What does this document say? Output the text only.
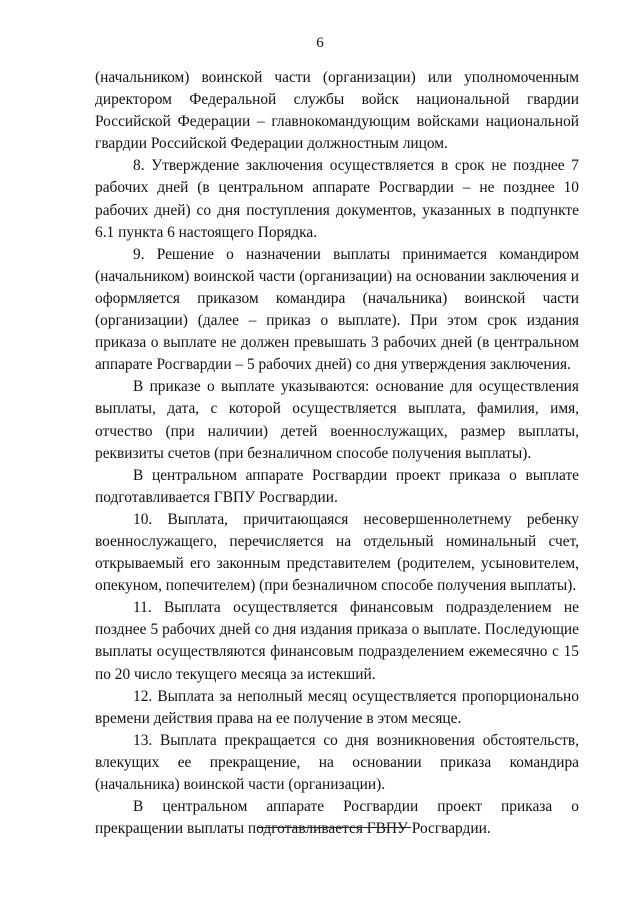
6

(начальником) воинской части (организации) или уполномоченным директором Федеральной службы войск национальной гвардии Российской Федерации – главнокомандующим войсками национальной гвардии Российской Федерации должностным лицом.

8. Утверждение заключения осуществляется в срок не позднее 7 рабочих дней (в центральном аппарате Росгвардии – не позднее 10 рабочих дней) со дня поступления документов, указанных в подпункте 6.1 пункта 6 настоящего Порядка.

9. Решение о назначении выплаты принимается командиром (начальником) воинской части (организации) на основании заключения и оформляется приказом командира (начальника) воинской части (организации) (далее – приказ о выплате). При этом срок издания приказа о выплате не должен превышать 3 рабочих дней (в центральном аппарате Росгвардии – 5 рабочих дней) со дня утверждения заключения.

В приказе о выплате указываются: основание для осуществления выплаты, дата, с которой осуществляется выплата, фамилия, имя, отчество (при наличии) детей военнослужащих, размер выплаты, реквизиты счетов (при безналичном способе получения выплаты).

В центральном аппарате Росгвардии проект приказа о выплате подготавливается ГВПУ Росгвардии.

10. Выплата, причитающаяся несовершеннолетнему ребенку военнослужащего, перечисляется на отдельный номинальный счет, открываемый его законным представителем (родителем, усыновителем, опекуном, попечителем) (при безналичном способе получения выплаты).

11. Выплата осуществляется финансовым подразделением не позднее 5 рабочих дней со дня издания приказа о выплате. Последующие выплаты осуществляются финансовым подразделением ежемесячно с 15 по 20 число текущего месяца за истекший.

12. Выплата за неполный месяц осуществляется пропорционально времени действия права на ее получение в этом месяце.

13. Выплата прекращается со дня возникновения обстоятельств, влекущих ее прекращение, на основании приказа командира (начальника) воинской части (организации).

В центральном аппарате Росгвардии проект приказа о прекращении выплаты подготавливается ГВПУ Росгвардии.
